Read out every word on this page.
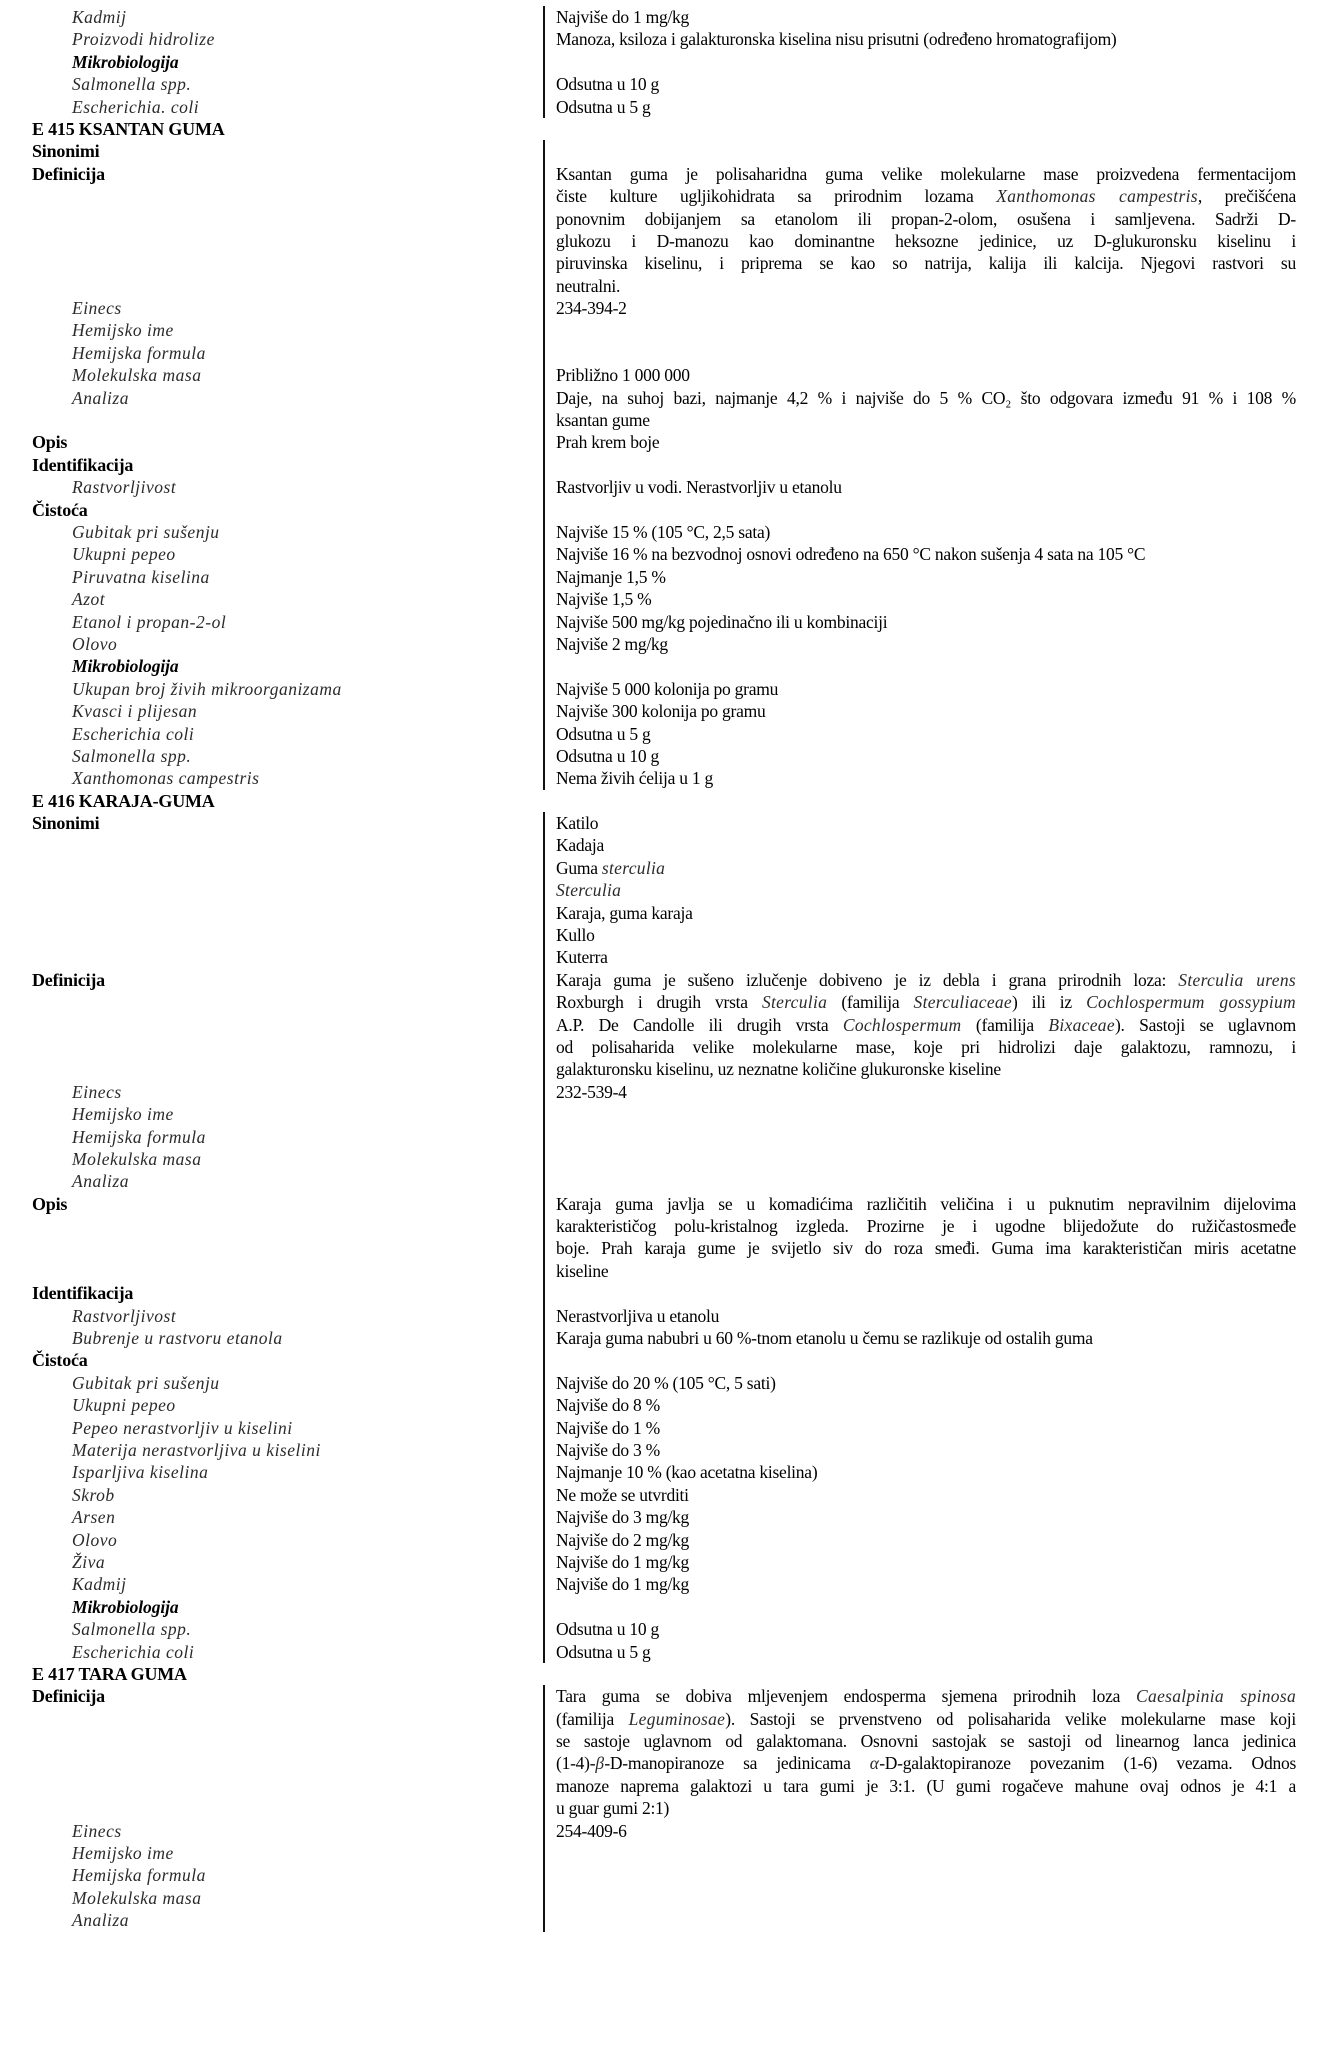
Kadmij	Najviše do 1 mg/kg
Proizvodi hidrolize	Manoza, ksiloza i galakturonska kiselina nisu prisutni (određeno hromatografijom)
Mikrobiologija
Salmonella spp.	Odsutna u 10 g
Escherichia. coli	Odsutna u 5 g
E 415 KSANTAN GUMA
Sinonimi
Definicija	Ksantan guma je polisaharidna guma velike molekularne mase proizvedena fermentacijom
čiste kulture ugljikohidrata sa prirodnim lozama Xanthomonas campestris, prečišćena
ponovnim dobijanjem sa etanolom ili propan-2-olom, osušena i samljevena. Sadrži D-
glukozu i D-manozu kao dominantne heksozne jedinice, uz D-glukuronsku kiselinu i
piruvinska kiselinu, i priprema se kao so natrija, kalija ili kalcija. Njegovi rastvori su
neutralni.
Einecs	234-394-2
Hemijsko ime
Hemijska formula
Molekulska masa	Približno 1 000 000
Analiza	Daje, na suhoj bazi, najmanje 4,2 % i najviše do 5 % CO₂ što odgovara između 91 % i 108 %
ksantan gume
Opis	Prah krem boje
Identifikacija
Rastvorljivost	Rastvorljiv u vodi. Nerastvorljiv u etanolu
Čistoća
Gubitak pri sušenju	Najviše 15 % (105 °C, 2,5 sata)
Ukupni pepeo	Najviše 16 % na bezvodnoj osnovi određeno na 650 °C nakon sušenja 4 sata na 105 °C
Piruvatna kiselina	Najmanje 1,5 %
Azot	Najviše 1,5 %
Etanol i propan-2-ol	Najviše 500 mg/kg pojedinačno ili u kombinaciji
Olovo	Najviše 2 mg/kg
Mikrobiologija
Ukupan broj živih mikroorganizama	Najviše 5 000 kolonija po gramu
Kvasci i plijesan	Najviše 300 kolonija po gramu
Escherichia coli	Odsutna u 5 g
Salmonella spp.	Odsutna u 10 g
Xanthomonas campestris	Nema živih ćelija u 1 g
E 416 KARAJA-GUMA
Sinonimi	Katilo
Kadaja
Guma sterculia
Sterculia
Karaja, guma karaja
Kullo
Kuterra
Definicija	Karaja guma je sušeno izlučenje dobiveno je iz debla i grana prirodnih loza: Sterculia urens
Roxburgh i drugih vrsta Sterculia (familija Sterculiaceae) ili iz Cochlospermum gossypium
A.P. De Candolle ili drugih vrsta Cochlospermum (familija Bixaceae). Sastoji se uglavnom
od polisaharida velike molekularne mase, koje pri hidrolizi daje galaktozu, ramnozu, i
galakturonsku kiselinu, uz neznatne količine glukuronske kiseline
Einecs	232-539-4
Hemijsko ime
Hemijska formula
Molekulska masa
Analiza
Opis	Karaja guma javlja se u komadićima različitih veličina i u puknutim nepravilnim dijelovima
karakterističog polu-kristalnog izgleda. Prozirne je i ugodne blijedožute do ružičastosmeđe
boje. Prah karaja gume je svijetlo siv do roza smeđi. Guma ima karakterističan miris acetatne
kiseline
Identifikacija
Rastvorljivost	Nerastvorljiva u etanolu
Bubrenje u rastvoru etanola	Karaja guma nabubri u 60 %-tnom etanolu u čemu se razlikuje od ostalih guma
Čistoća
Gubitak pri sušenju	Najviše do 20 % (105 °C, 5 sati)
Ukupni pepeo	Najviše do 8 %
Pepeo nerastvorljiv u kiselini	Najviše do 1 %
Materija nerastvorljiva u kiselini	Najviše do 3 %
Isparljiva kiselina	Najmanje 10 % (kao acetatna kiselina)
Skrob	Ne može se utvrditi
Arsen	Najviše do 3 mg/kg
Olovo	Najviše do 2 mg/kg
Živa	Najviše do 1 mg/kg
Kadmij	Najviše do 1 mg/kg
Mikrobiologija
Salmonella spp.	Odsutna u 10 g
Escherichia coli	Odsutna u 5 g
E 417 TARA GUMA
Definicija	Tara guma se dobiva mljevenjem endosperma sjemena prirodnih loza Caesalpinia spinosa
(familija Leguminosae). Sastoji se prvenstveno od polisaharida velike molekularne mase koji
se sastoje uglavnom od galaktomana. Osnovni sastojak se sastoji od linearnog lanca jedinica
(1-4)-β-D-manopiranoze sa jedinicama α-D-galaktopiranoze povezanim (1-6) vezama. Odnos
manoze naprema galaktozi u tara gumi je 3:1. (U gumi rogačeve mahune ovaj odnos je 4:1 a
u guar gumi 2:1)
Einecs	254-409-6
Hemijsko ime
Hemijska formula
Molekulska masa
Analiza
